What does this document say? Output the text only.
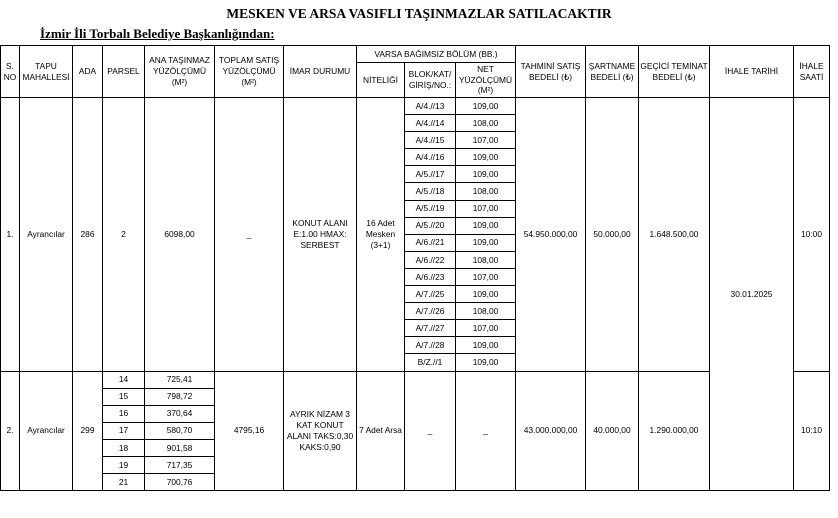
MESKEN VE ARSA VASIFLI TAŞINMAZLAR SATILACAKTIR
İzmir İli Torbalı Belediye Başkanlığından:
S. NO	TAPU MAHALLESİ	ADA	PARSEL	ANA TAŞINMAZ YÜZÖLÇÜMÜ (M²)	TOPLAM SATIŞ YÜZÖLÇÜMÜ (M²)	İMAR DURUMU	VARSA BAĞIMSIZ BÖLÜM (BB.)			TAHMİNİ SATIŞ BEDELİ (₺)	ŞARTNAME BEDELİ (₺)	GEÇİCİ TEMİNAT BEDELİ (₺)	İHALE TARİHİ	İHALE SAATİ
							NİTELİĞİ	BLOK/KAT/ GİRİŞ/NO.:	NET YÜZÖLÇÜMÜ (M²)					
1.	Ayrancılar	286	2	6098,00	_	KONUT ALANI E:1.00 HMAX: SERBEST	16 Adet Mesken (3+1)	A/4.//13	109,00	54.950.000,00	50.000,00	1.648.500,00	30.01.2025	10:00
								A/4.//14	108,00					
								A/4.//15	107,00					
								A/4.//16	109,00					
								A/5.//17	109,00					
								A/5.//18	108,00					
								A/5.//19	107,00					
								A/5.//20	109,00					
								A/6.//21	109,00					
								A/6.//22	108,00					
								A/6.//23	107,00					
								A/7.//25	109,00					
								A/7.//26	108,00					
								A/7.//27	107,00					
								A/7.//28	109,00					
								B/Z.//1	109,00					
2.	Ayrancılar	299	14	725,41	4795,16	AYRIK NİZAM 3 KAT KONUT ALANI TAKS:0,30 KAKS:0,90	7 Adet Arsa	_	_	43.000.000,00	40.000,00	1.290.000,00		10:10
			15	798,72										
			16	370,64										
			17	580,70										
			18	901,58										
			19	717,35										
			21	700,76										
